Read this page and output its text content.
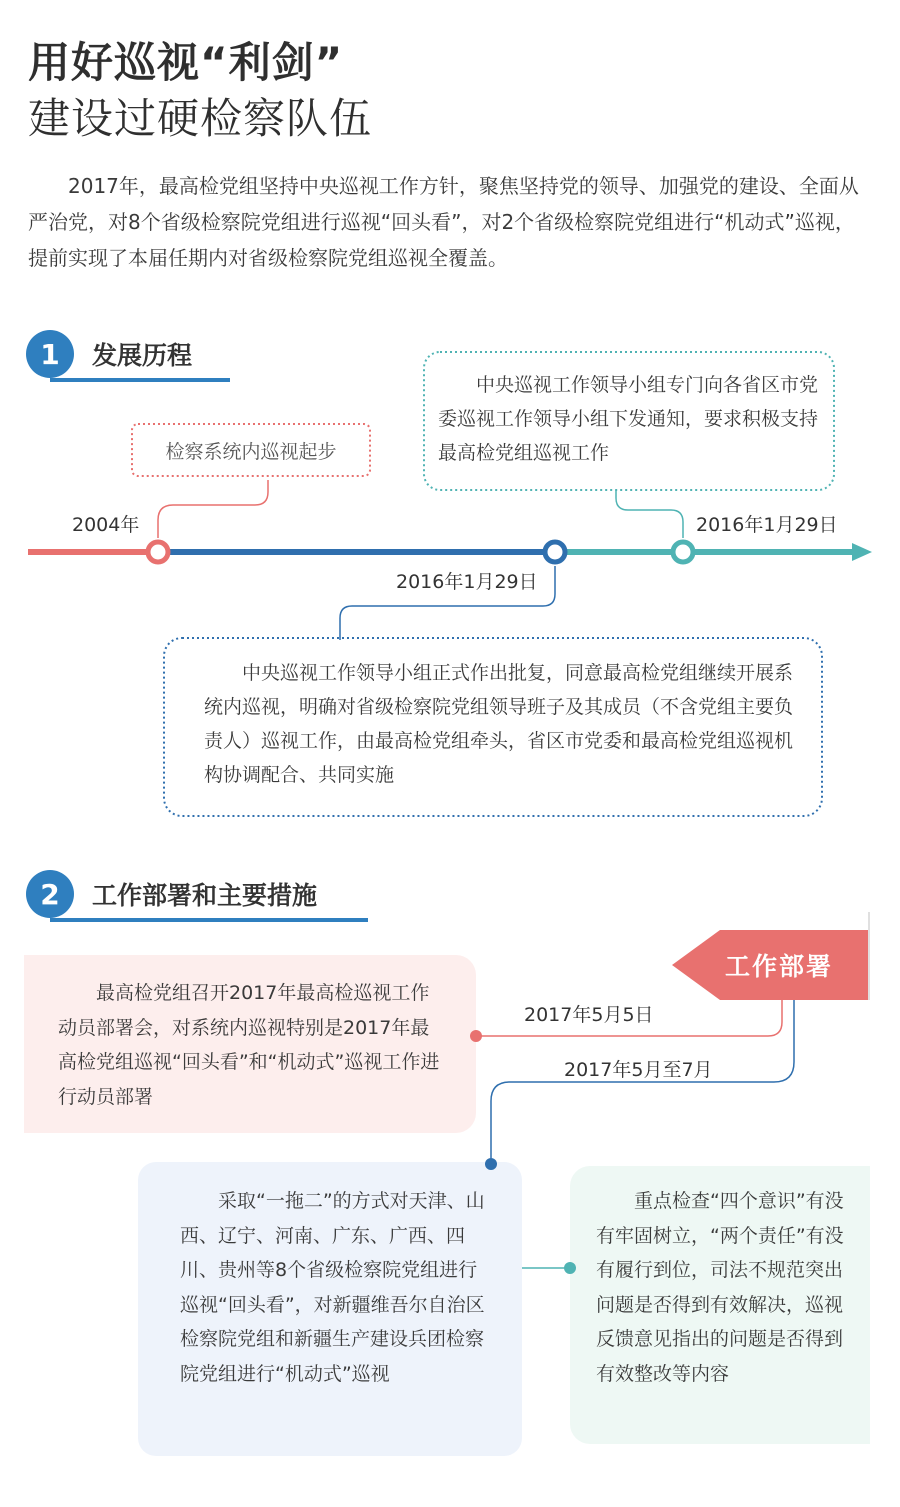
用好巡视“利剑”
建设过硬检察队伍

2017年，最高检党组坚持中央巡视工作方针，聚焦坚持党的领导、加强党的建设、全面从严治党，对8个省级检察院党组进行巡视“回头看”，对2个省级检察院党组进行“机动式”巡视，提前实现了本届任期内对省级检察院党组巡视全覆盖。

1	发展历程
检察系统内巡视起步
2004年
2016年1月29日
2016年1月29日

中央巡视工作领导小组专门向各省区市党委巡视工作领导小组下发通知，要求积极支持最高检党组巡视工作

中央巡视工作领导小组正式作出批复，同意最高检党组继续开展系统内巡视，明确对省级检察院党组领导班子及其成员（不含党组主要负责人）巡视工作，由最高检党组牵头，省区市党委和最高检党组巡视机构协调配合、共同实施

2	工作部署和主要措施
工作部署
2017年5月5日
2017年5月至7月

最高检党组召开2017年最高检巡视工作动员部署会，对系统内巡视特别是2017年最高检党组巡视“回头看”和“机动式”巡视工作进行动员部署

采取“一拖二”的方式对天津、山西、辽宁、河南、广东、广西、四川、贵州等8个省级检察院党组进行巡视“回头看”，对新疆维吾尔自治区检察院党组和新疆生产建设兵团检察院党组进行“机动式”巡视

重点检查“四个意识”有没有牢固树立，“两个责任”有没有履行到位，司法不规范突出问题是否得到有效解决，巡视反馈意见指出的问题是否得到有效整改等内容
